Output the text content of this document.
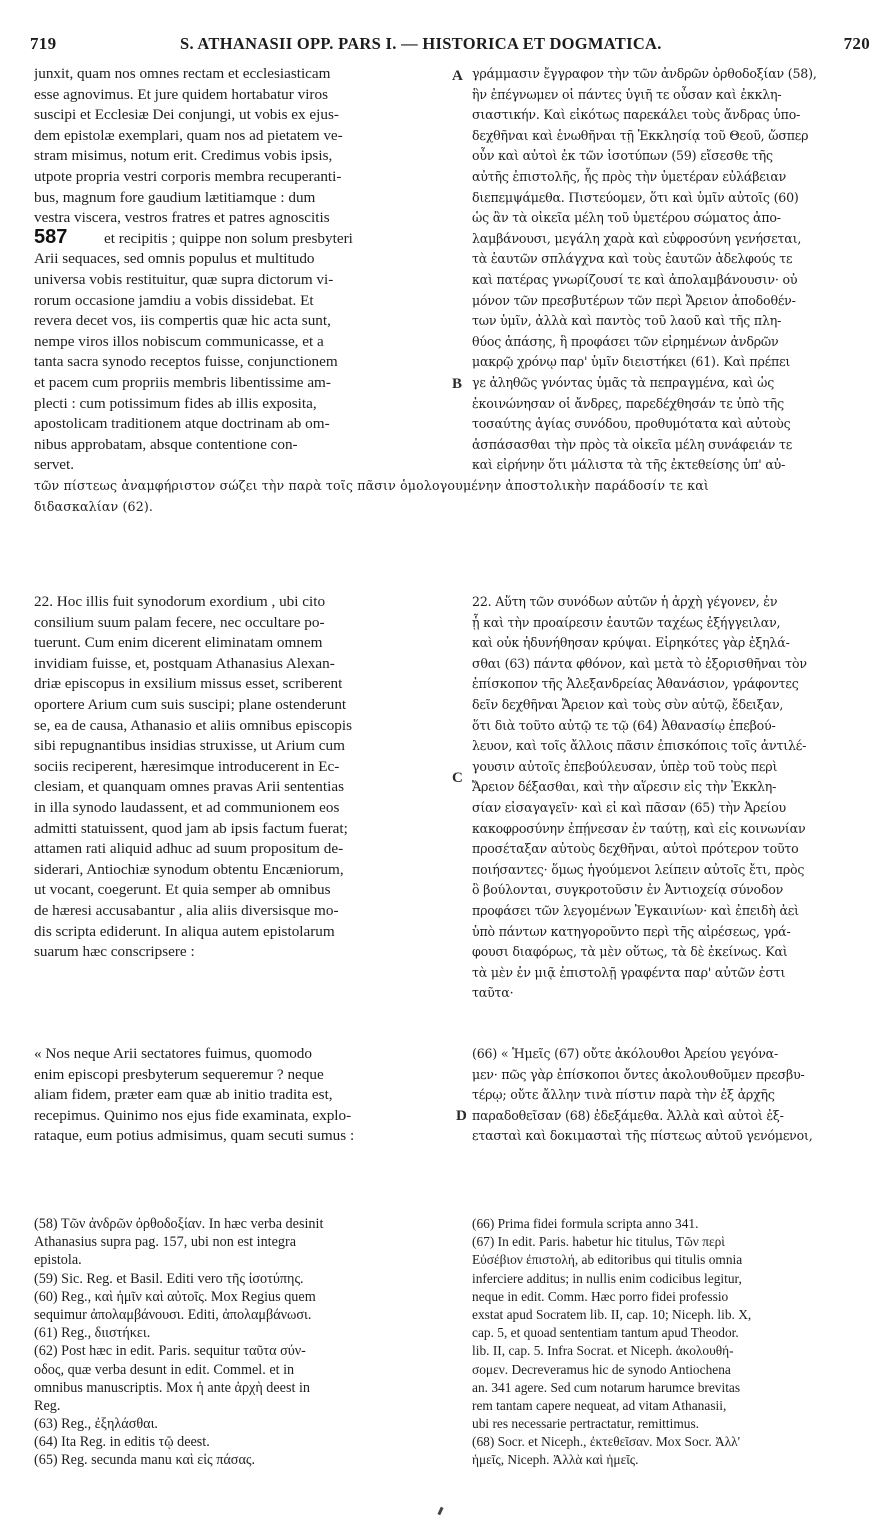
719	S. ATHANASII OPP. PARS I. — HISTORICA ET DOGMATICA.	720
junxit, quam nos omnes rectam et ecclesiasticam
esse agnovimus. Et jure quidem hortabatur viros
suscipi et Ecclesiæ Dei conjungi, ut vobis ex ejus-
dem epistolæ exemplari, quam nos ad pietatem ve-
stram misimus, notum erit. Credimus vobis ipsis,
utpote propria vestri corporis membra recuperanti-
bus, magnum fore gaudium lætitiamque : dum
vestra viscera, vestros fratres et patres agnoscitis
et recipitis ; quippe non solum presbyteri
Arii sequaces, sed omnis populus et multitudo
universa vobis restituitur, quæ supra dictorum vi-
rorum occasione jamdiu a vobis dissidebat. Et
revera decet vos, iis compertis quæ hic acta sunt,
nempe viros illos nobiscum communicasse, et a
tanta sacra synodo receptos fuisse, conjunctionem
et pacem cum propriis membris libentissime am-
plecti : cum potissimum fides ab illis exposita,
apostolicam traditionem atque doctrinam ab om-
nibus approbatam, absque contentione con-
servet.
γράμμασιν ἔγγραφον τὴν τῶν ἀνδρῶν ὀρθοδοξίαν (58),
ἣν ἐπέγνωμεν οἱ πάντες ὑγιῆ τε οὖσαν καὶ ἐκκλη-
σιαστικήν. Καὶ εἰκότως παρεκάλει τοὺς ἄνδρας ὑπο-
δεχθῆναι καὶ ἑνωθῆναι τῇ Ἐκκλησίᾳ τοῦ Θεοῦ, ὥσπερ
οὖν καὶ αὐτοὶ ἐκ τῶν ἰσοτύπων (59) εἴσεσθε τῆς
αὐτῆς ἐπιστολῆς, ἧς πρὸς τὴν ὑμετέραν εὐλάβειαν
διεπεμψάμεθα. Πιστεύομεν, ὅτι καὶ ὑμῖν αὐτοῖς (60)
ὡς ἂν τὰ οἰκεῖα μέλη τοῦ ὑμετέρου σώματος ἀπο-
λαμβάνουσι, μεγάλη χαρὰ καὶ εὐφροσύνη γενήσεται,
τὰ ἑαυτῶν σπλάγχνα καὶ τοὺς ἑαυτῶν ἀδελφούς τε
καὶ πατέρας γνωρίζουσί τε καὶ ἀπολαμβάνουσιν· οὐ
μόνον τῶν πρεσβυτέρων τῶν περὶ Ἄρειον ἀποδοθέν-
των ὑμῖν, ἀλλὰ καὶ παντὸς τοῦ λαοῦ καὶ τῆς πλη-
θύος ἁπάσης, ἣ προφάσει τῶν εἰρημένων ἀνδρῶν
μακρῷ χρόνῳ παρ' ὑμῖν διειστήκει (61). Καὶ πρέπει
γε ἀληθῶς γνόντας ὑμᾶς τὰ πεπραγμένα, καὶ ὡς
ἐκοινώνησαν οἱ ἄνδρες, παρεδέχθησάν τε ὑπὸ τῆς
τοσαύτης ἁγίας συνόδου, προθυμότατα καὶ αὐτοὺς
ἀσπάσασθαι τὴν πρὸς τὰ οἰκεῖα μέλη συνάφειάν τε
καὶ εἰρήνην ὅτι μάλιστα τὰ τῆς ἐκτεθείσης ὑπ' αὐ-
τῶν πίστεως ἀναμφήριστον σώζει τὴν παρὰ τοῖς πᾶσιν ὁμολογουμένην ἀποστολικὴν παράδοσίν τε καὶ
διδασκαλίαν (62).
22. Hoc illis fuit synodorum exordium , ubi cito
consilium suum palam fecere, nec occultare po-
tuerunt. Cum enim dicerent eliminatam omnem
invidiam fuisse, et, postquam Athanasius Alexan-
driæ episcopus in exsilium missus esset, scriberent
oportere Arium cum suis suscipi; plane ostenderunt
se, ea de causa, Athanasio et aliis omnibus episcopis
sibi repugnantibus insidias struxisse, ut Arium cum
sociis reciperent, hæresimque introducerent in Ec-
clesiam, et quanquam omnes pravas Arii sententias
in illa synodo laudassent, et ad communionem eos
admitti statuissent, quod jam ab ipsis factum fuerat;
attamen rati aliquid adhuc ad suum propositum de-
siderari, Antiochiæ synodum obtentu Encæniorum,
ut vocant, coegerunt. Et quia semper ab omnibus
de hæresi accusabantur , alia aliis diversisque mo-
dis scripta ediderunt. In aliqua autem epistolarum
suarum hæc conscripsere :
22. Αὕτη τῶν συνόδων αὐτῶν ἡ ἀρχὴ γέγονεν, ἐν
ᾗ καὶ τὴν προαίρεσιν ἑαυτῶν ταχέως ἐξήγγειλαν,
καὶ οὐκ ἠδυνήθησαν κρύψαι. Εἰρηκότες γὰρ ἐξηλά-
σθαι (63) πάντα φθόνον, καὶ μετὰ τὸ ἐξορισθῆναι τὸν
ἐπίσκοπον τῆς Ἀλεξανδρείας Ἀθανάσιον, γράφοντες
δεῖν δεχθῆναι Ἄρειον καὶ τοὺς σὺν αὐτῷ, ἔδειξαν,
ὅτι διὰ τοῦτο αὐτῷ τε τῷ (64) Ἀθανασίῳ ἐπεβού-
λευον, καὶ τοῖς ἄλλοις πᾶσιν ἐπισκόποις τοῖς ἀντιλέ-
γουσιν αὐτοῖς ἐπεβούλευσαν, ὑπὲρ τοῦ τοὺς περὶ
Ἄρειον δέξασθαι, καὶ τὴν αἵρεσιν εἰς τὴν Ἐκκλη-
σίαν εἰσαγαγεῖν· καὶ εἰ καὶ πᾶσαν (65) τὴν Ἀρείου
κακοφροσύνην ἐπῄνεσαν ἐν ταύτῃ, καὶ εἰς κοινωνίαν
προσέταξαν αὐτοὺς δεχθῆναι, αὐτοὶ πρότερον τοῦτο
ποιήσαντες· ὅμως ἡγούμενοι λείπειν αὐτοῖς ἔτι, πρὸς
ὃ βούλονται, συγκροτοῦσιν ἐν Ἀντιοχείᾳ σύνοδον
προφάσει τῶν λεγομένων Ἐγκαινίων· καὶ ἐπειδὴ ἀεὶ
ὑπὸ πάντων κατηγοροῦντο περὶ τῆς αἱρέσεως, γρά-
φουσι διαφόρως, τὰ μὲν οὕτως, τὰ δὲ ἐκείνως. Καὶ
τὰ μὲν ἐν μιᾷ ἐπιστολῇ γραφέντα παρ' αὐτῶν ἐστι
ταῦτα·
« Nos neque Arii sectatores fuimus, quomodo
enim episcopi presbyterum sequeremur ? neque
aliam fidem, præter eam quæ ab initio tradita est,
recepimus. Quinimo nos ejus fide examinata, explo-
rataque, eum potius admisimus, quam secuti sumus :
(66) « Ἡμεῖς (67) οὔτε ἀκόλουθοι Ἀρείου γεγόνα-
μεν· πῶς γὰρ ἐπίσκοποι ὄντες ἀκολουθοῦμεν πρεσβυ-
τέρῳ; οὔτε ἄλλην τινὰ πίστιν παρὰ τὴν ἐξ ἀρχῆς
παραδοθεῖσαν (68) ἐδεξάμεθα. Ἀλλὰ καὶ αὐτοὶ ἐξ-
ετασταὶ καὶ δοκιμασταὶ τῆς πίστεως αὐτοῦ γενόμενοι,
A
B
C
D
587
(58) Τῶν ἀνδρῶν ὀρθοδοξίαν. In hæc verba desinit
Athanasius supra pag. 157, ubi non est integra
epistola.
(59) Sic. Reg. et Basil. Editi vero τῆς ἰσοτύπης.
(60) Reg., καὶ ἡμῖν καὶ αὐτοῖς. Mox Regius quem
sequimur ἀπολαμβάνουσι. Editi, ἀπολαμβάνωσι.
(61) Reg., διιστήκει.
(62) Post hæc in edit. Paris. sequitur ταῦτα σύν-
οδος, quæ verba desunt in edit. Commel. et in
omnibus manuscriptis. Mox ἡ ante ἀρχὴ deest in
Reg.
(63) Reg., ἐξηλάσθαι.
(64) Ita Reg. in editis τῷ deest.
(65) Reg. secunda manu καὶ εἰς πάσας.
(66) Prima fidei formula scripta anno 341.
(67) In edit. Paris. habetur hic titulus, Τῶν περὶ
Εὐσέβιον ἐπιστολή, ab editoribus qui titulis omnia
inferciere additus; in nullis enim codicibus legitur,
neque in edit. Comm. Hæc porro fidei professio
exstat apud Socratem lib. II, cap. 10; Niceph. lib. X,
cap. 5, et quoad sententiam tantum apud Theodor.
lib. II, cap. 5. Infra Socrat. et Niceph. ἀκολουθή-
σομεν. Decreveramus hic de synodo Antiochena
an. 341 agere. Sed cum notarum harumce brevitas
rem tantam capere nequeat, ad vitam Athanasii,
ubi res necessarie pertractatur, remittimus.
(68) Socr. et Niceph., ἐκτεθεῖσαν. Mox Socr. Ἀλλ'
ἡμεῖς, Niceph. Ἀλλὰ καὶ ἡμεῖς.
